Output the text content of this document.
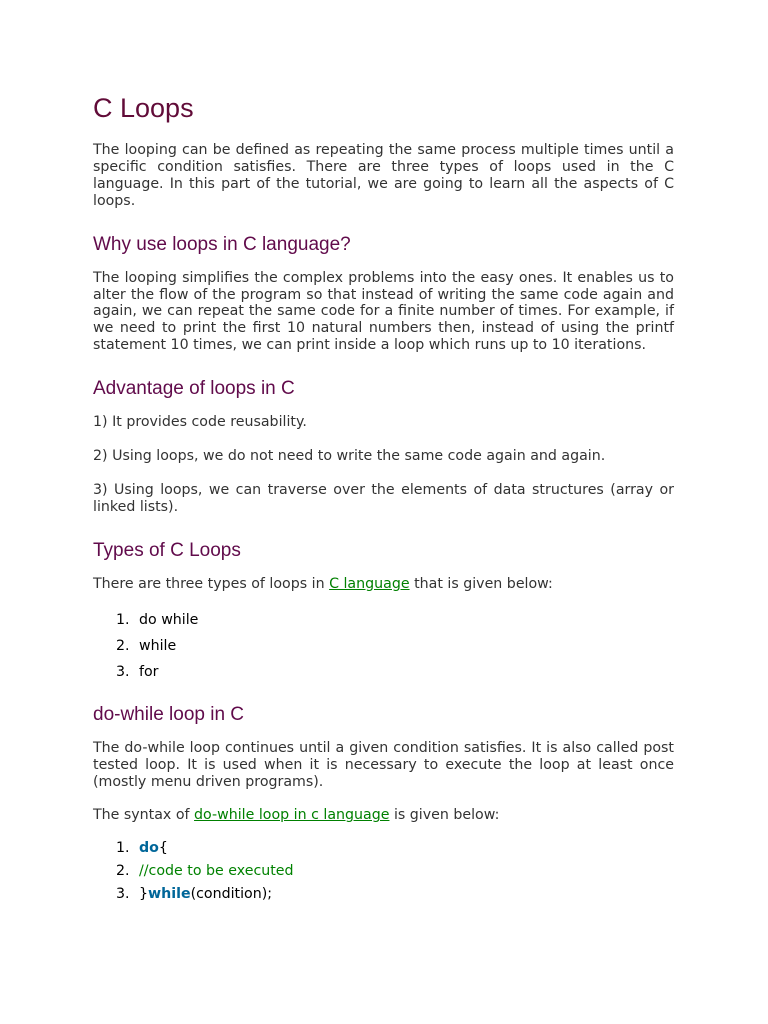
C Loops

The looping can be defined as repeating the same process multiple times until a specific condition satisfies. There are three types of loops used in the C language. In this part of the tutorial, we are going to learn all the aspects of C loops.

Why use loops in C language?

The looping simplifies the complex problems into the easy ones. It enables us to alter the flow of the program so that instead of writing the same code again and again, we can repeat the same code for a finite number of times. For example, if we need to print the first 10 natural numbers then, instead of using the printf statement 10 times, we can print inside a loop which runs up to 10 iterations.

Advantage of loops in C

1) It provides code reusability.

2) Using loops, we do not need to write the same code again and again.

3) Using loops, we can traverse over the elements of data structures (array or linked lists).

Types of C Loops

There are three types of loops in C language that is given below:

1. do while
2. while
3. for
do-while loop in C

The do-while loop continues until a given condition satisfies. It is also called post tested loop. It is used when it is necessary to execute the loop at least once (mostly menu driven programs).

The syntax of do-while loop in c language is given below:

1. do{
2. //code to be executed
3. }while(condition);
